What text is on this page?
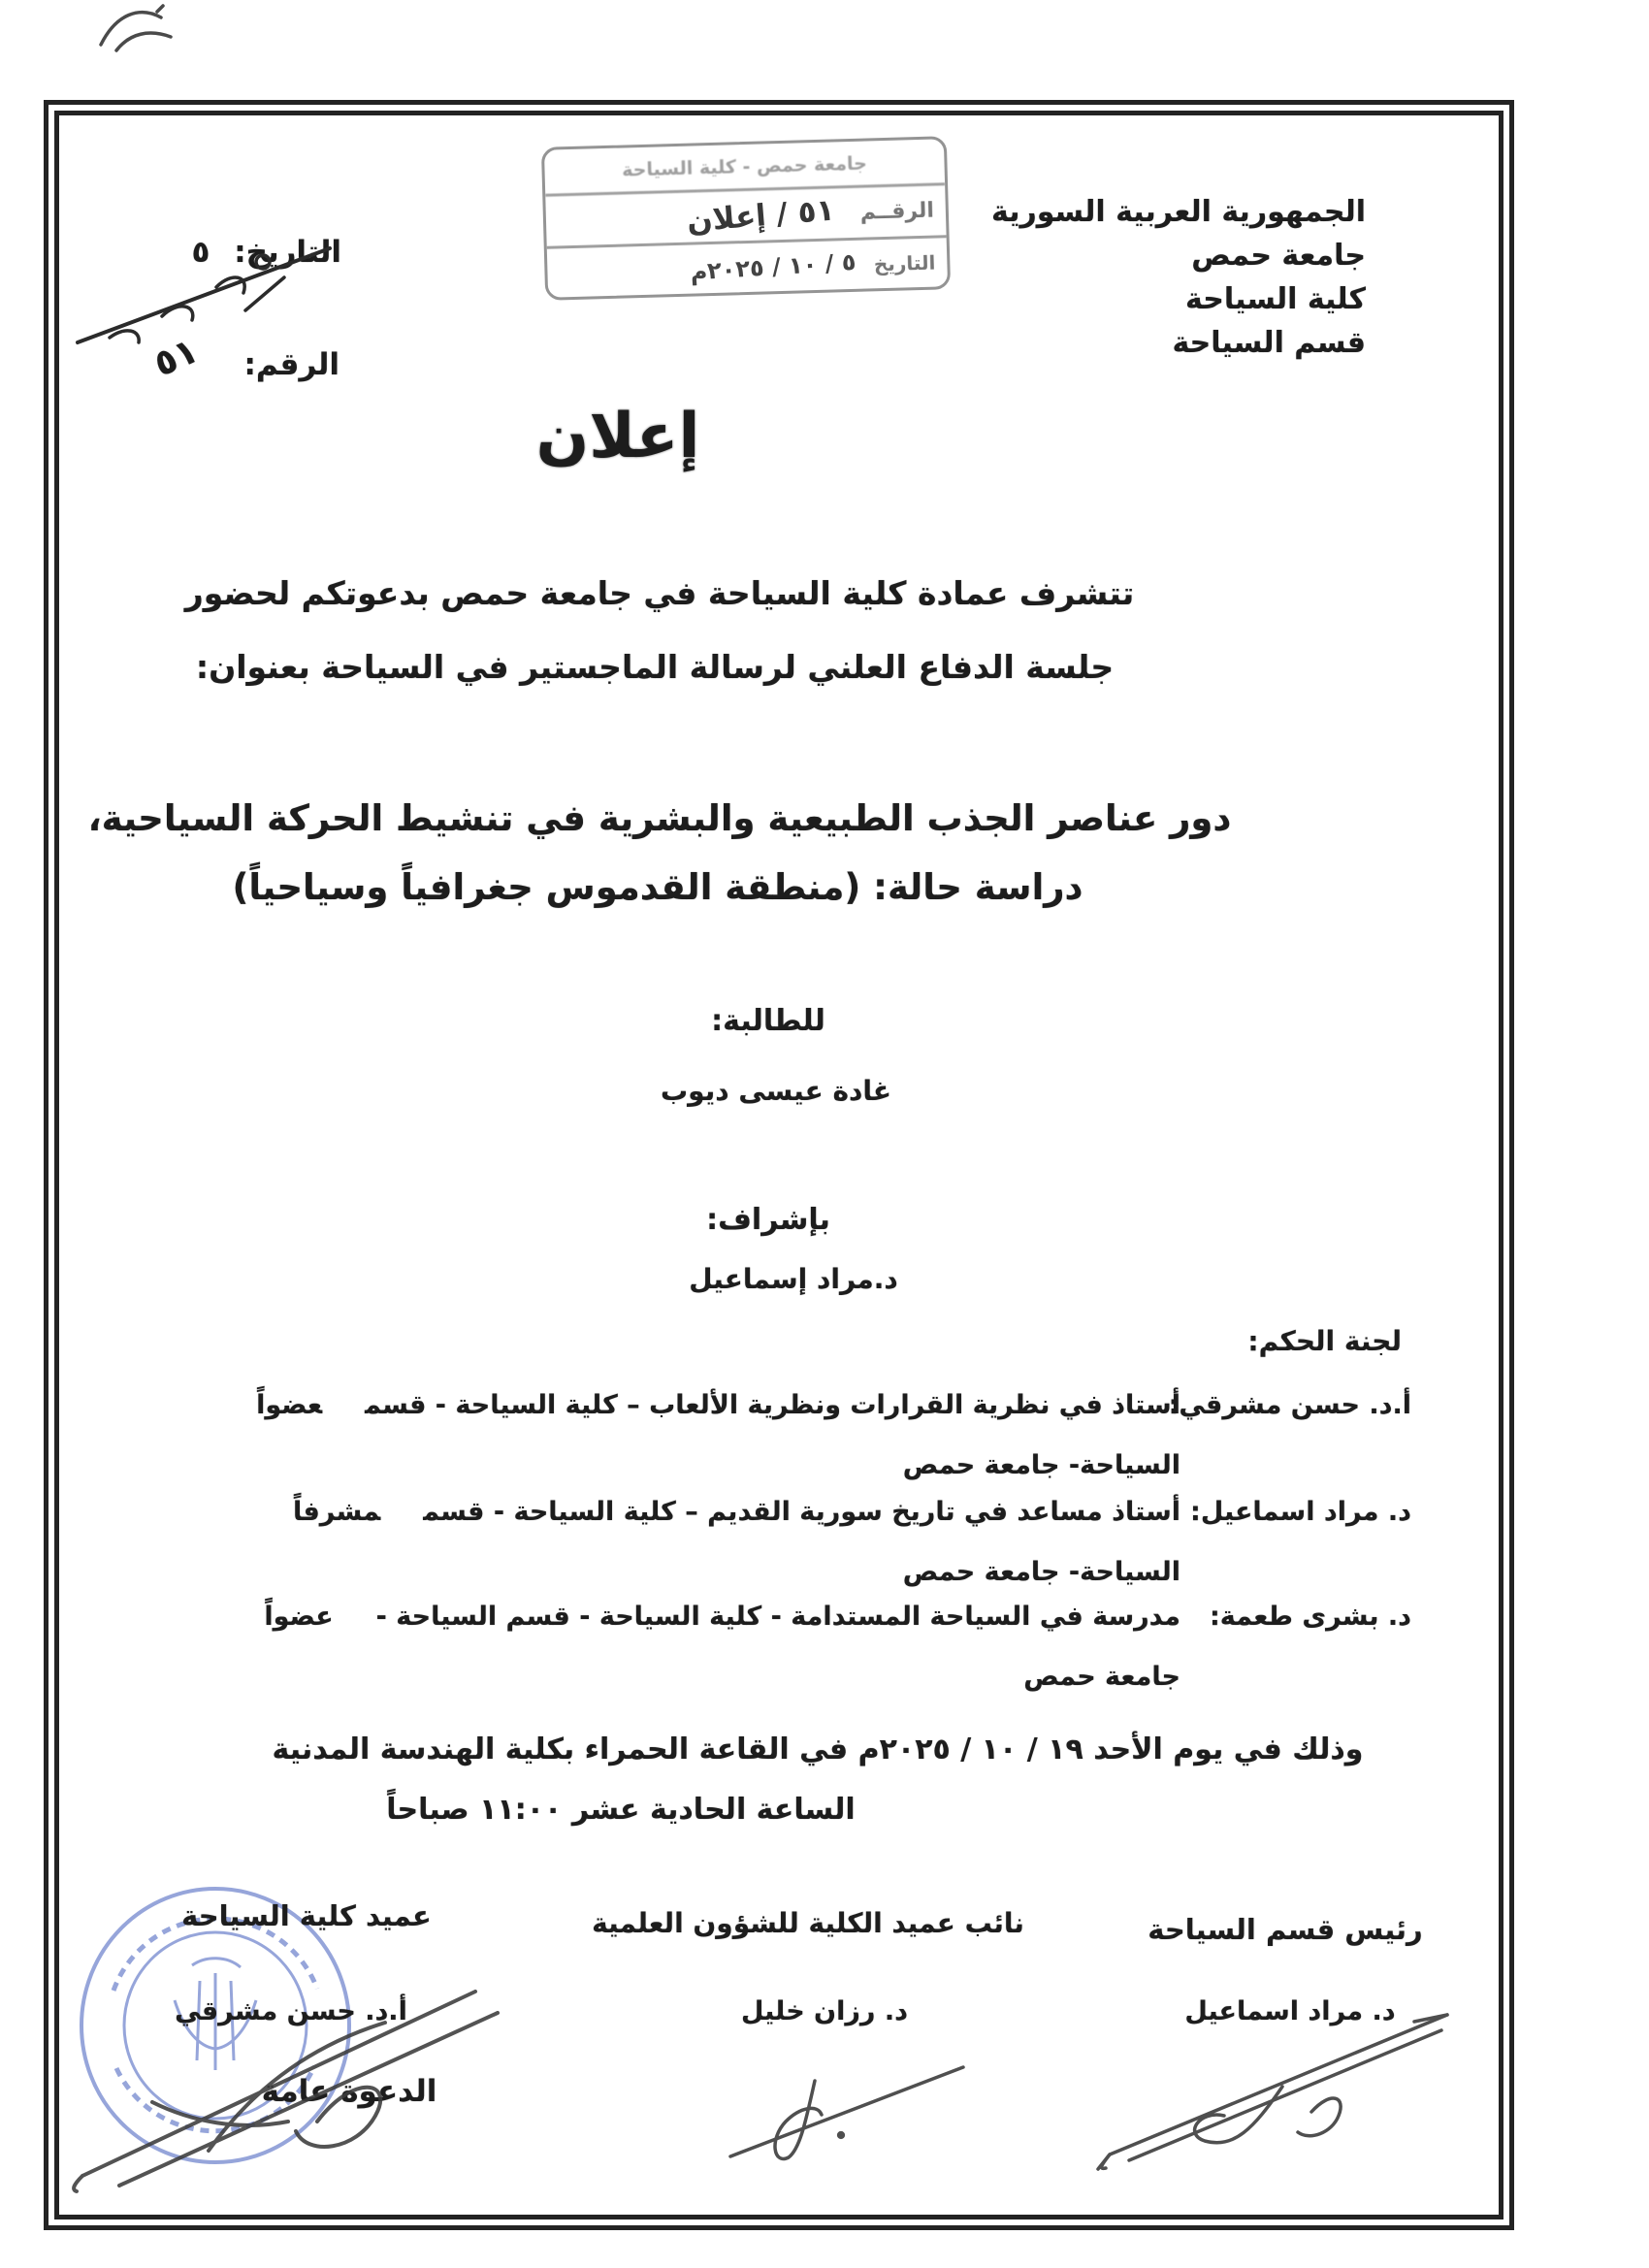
الجمهورية العربية السورية
جامعة حمص
كلية السياحة
قسم السياحة
جامعة حمص - كلية السياحة
الرقــم
٥١ / إعلان
التاريخ
٥ / ١٠ / ٢٠٢٥م
التاريخ: ٥
الرقم: ٥١
إعلان
تتشرف عمادة كلية السياحة في جامعة حمص بدعوتكم لحضور
جلسة الدفاع العلني لرسالة الماجستير في السياحة بعنوان:
دور عناصر الجذب الطبيعية والبشرية في تنشيط الحركة السياحية،
دراسة حالة: (منطقة القدموس جغرافياً وسياحياً)
للطالبة:
غادة عيسى ديوب
بإشراف:
د.مراد إسماعيل
لجنة الحكم:
أ.د. حسن مشرقي:
أستاذ في نظرية القرارات ونظرية الألعاب – كلية السياحة - قسمعضواً
السياحة- جامعة حمص
د. مراد اسماعيل:
أستاذ مساعد في تاريخ سورية القديم – كلية السياحة - قسممشرفاً
السياحة- جامعة حمص
د. بشرى طعمة:
مدرسة في السياحة المستدامة - كلية السياحة - قسم السياحة -عضواً
جامعة حمص
وذلك في يوم الأحد ١٩ / ١٠ / ٢٠٢٥م في القاعة الحمراء بكلية الهندسة المدنية
الساعة الحادية عشر ١١:٠٠ صباحاً
عميد كلية السياحة
أ.د. حسن مشرقي
الدعوة عامة
نائب عميد الكلية للشؤون العلمية
د. رزان خليل
رئيس قسم السياحة
د. مراد اسماعيل
